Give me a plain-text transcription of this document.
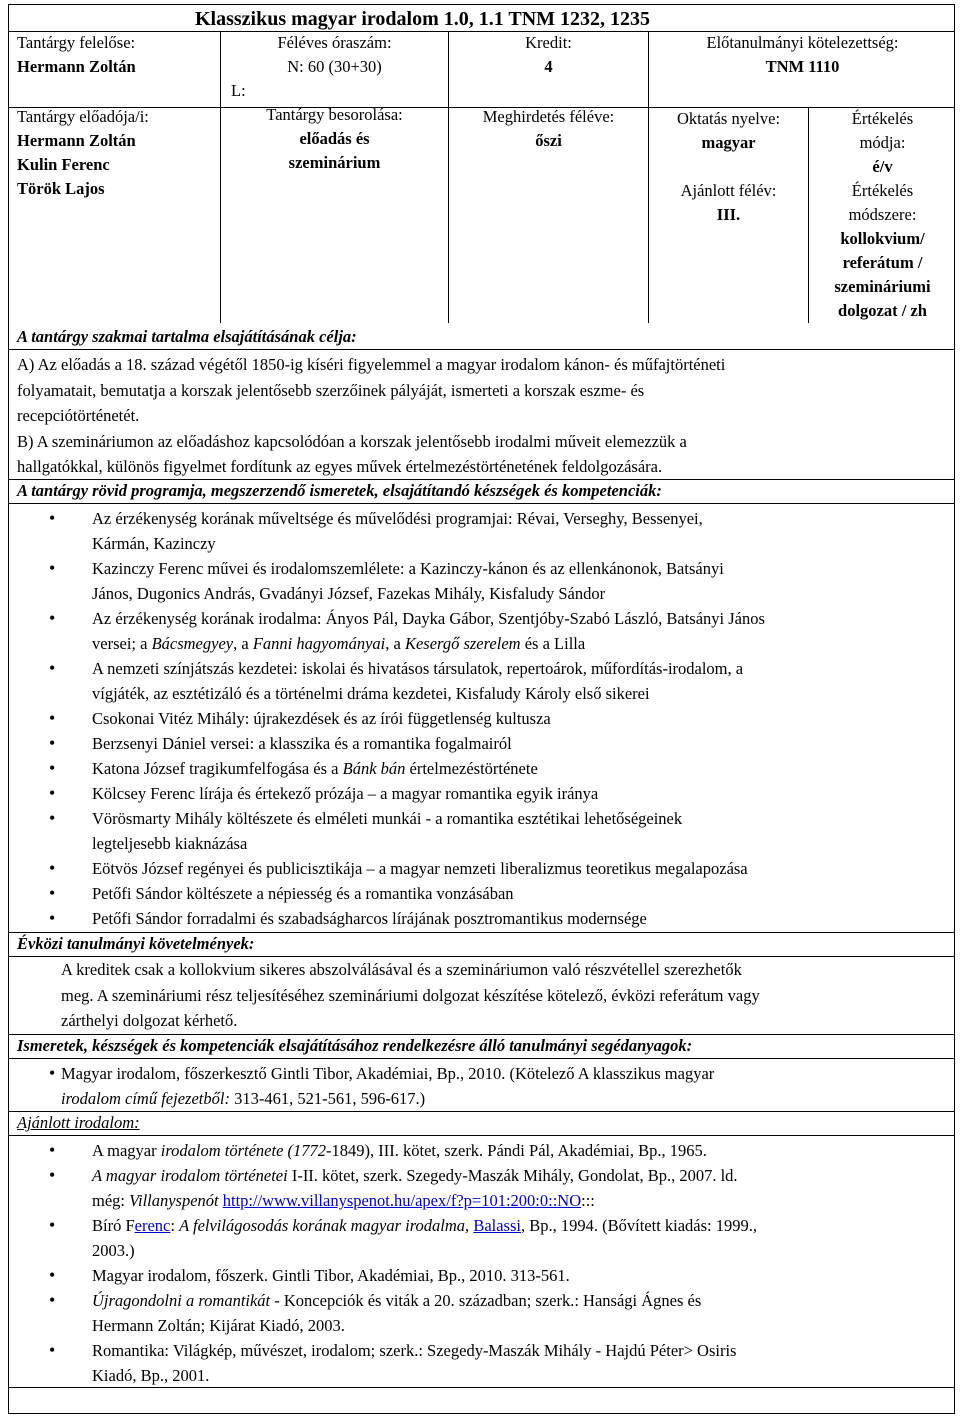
Klasszikus magyar irodalom 1.0, 1.1 TNM 1232, 1235
Tantárgy felelőse:
Hermann Zoltán
Tantárgy előadója/i:
Hermann Zoltán
Kulin Ferenc
Török Lajos
Féléves óraszám:
N: 60 (30+30)
L:
Tantárgy besorolása:
előadás és
szeminárium
Kredit:
4
Meghirdetés féléve:
őszi
Előtanulmányi kötelezettség:
TNM 1110
Oktatás nyelve:
magyar
Ajánlott félév:
III.
Értékelés
módja:
é/v
Értékelés
módszere:
kollokvium/
referátum /
szemináriumi
dolgozat / zh
A tantárgy szakmai tartalma elsajátításának célja:
A) Az előadás a 18. század végétől 1850-ig kíséri figyelemmel a magyar irodalom kánon- és műfajtörténeti
folyamatait, bemutatja a korszak jelentősebb szerzőinek pályáját, ismerteti a korszak eszme- és
recepciótörténetét.
B) A szemináriumon az előadáshoz kapcsolódóan a korszak jelentősebb irodalmi műveit elemezzük a
hallgatókkal, különös figyelmet fordítunk az egyes művek értelmezéstörténetének feldolgozására.
A tantárgy rövid programja, megszerzendő ismeretek, elsajátítandó készségek és kompetenciák:
• Az érzékenység korának műveltsége és művelődési programjai: Révai, Verseghy, Bessenyei,
Kármán, Kazinczy
• Kazinczy Ferenc művei és irodalomszemlélete: a Kazinczy-kánon és az ellenkánonok, Batsányi
János, Dugonics András, Gvadányi József, Fazekas Mihály, Kisfaludy Sándor
• Az érzékenység korának irodalma: Ányos Pál, Dayka Gábor, Szentjóby-Szabó László, Batsányi János
versei; a Bácsmegyey, a Fanni hagyományai, a Kesergő szerelem és a Lilla
• A nemzeti színjátszás kezdetei: iskolai és hivatásos társulatok, repertoárok, műfordítás-irodalom, a
vígjáték, az esztétizáló és a történelmi dráma kezdetei, Kisfaludy Károly első sikerei
• Csokonai Vitéz Mihály: újrakezdések és az írói függetlenség kultusza
• Berzsenyi Dániel versei: a klasszika és a romantika fogalmairól
• Katona József tragikumfelfogása és a Bánk bán értelmezéstörténete
• Kölcsey Ferenc lírája és értekező prózája – a magyar romantika egyik iránya
• Vörösmarty Mihály költészete és elméleti munkái - a romantika esztétikai lehetőségeinek
legteljesebb kiaknázása
• Eötvös József regényei és publicisztikája – a magyar nemzeti liberalizmus teoretikus megalapozása
• Petőfi Sándor költészete a népiesség és a romantika vonzásában
• Petőfi Sándor forradalmi és szabadságharcos lírájának posztromantikus modernsége
Évközi tanulmányi követelmények:
A kreditek csak a kollokvium sikeres abszolválásával és a szemináriumon való részvétellel szerezhetők
meg. A szemináriumi rész teljesítéséhez szemináriumi dolgozat készítése kötelező, évközi referátum vagy
zárthelyi dolgozat kérhető.
Ismeretek, készségek és kompetenciák elsajátításához rendelkezésre álló tanulmányi segédanyagok:
• Magyar irodalom, főszerkesztő Gintli Tibor, Akadémiai, Bp., 2010. (Kötelező A klasszikus magyar
irodalom című fejezetből: 313-461, 521-561, 596-617.)
Ajánlott irodalom:
• A magyar irodalom története (1772-1849), III. kötet, szerk. Pándi Pál, Akadémiai, Bp., 1965.
• A magyar irodalom történetei I-II. kötet, szerk. Szegedy-Maszák Mihály, Gondolat, Bp., 2007. ld.
még: Villanyspenót http://www.villanyspenot.hu/apex/f?p=101:200:0::NO:::
• Bíró Ferenc: A felvilágosodás korának magyar irodalma, Balassi, Bp., 1994. (Bővített kiadás: 1999.,
2003.)
• Magyar irodalom, főszerk. Gintli Tibor, Akadémiai, Bp., 2010. 313-561.
• Újragondolni a romantikát - Koncepciók és viták a 20. században; szerk.: Hansági Ágnes és
Hermann Zoltán; Kijárat Kiadó, 2003.
• Romantika: Világkép, művészet, irodalom; szerk.: Szegedy-Maszák Mihály - Hajdú Péter> Osiris
Kiadó, Bp., 2001.
